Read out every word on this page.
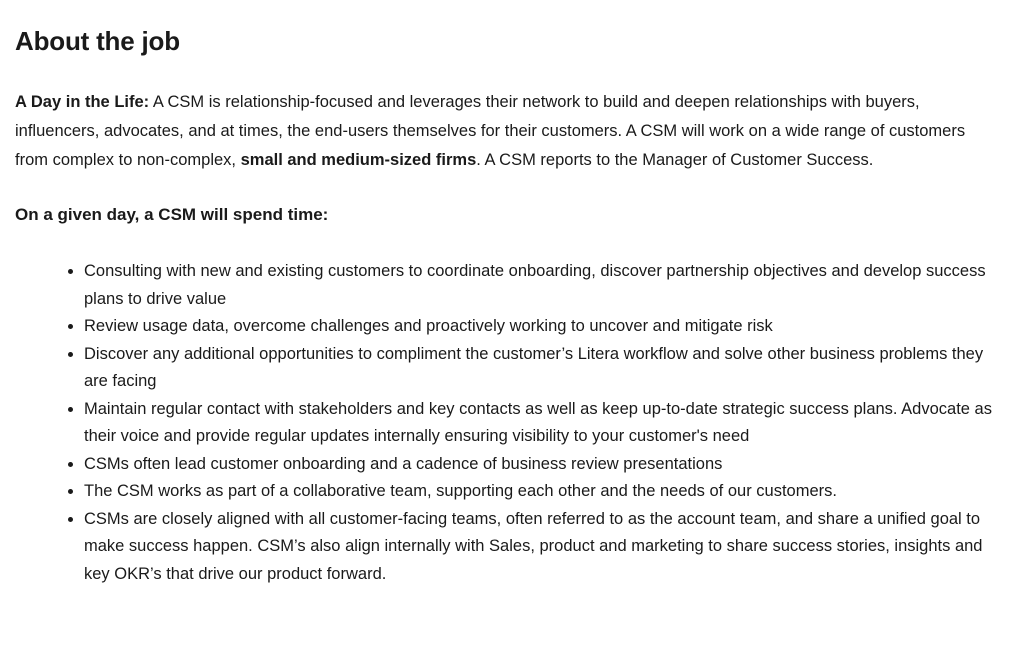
About the job

A Day in the Life: A CSM is relationship-focused and leverages their network to build and deepen relationships with buyers, influencers, advocates, and at times, the end-users themselves for their customers. A CSM will work on a wide range of customers from complex to non-complex, small and medium-sized firms. A CSM reports to the Manager of Customer Success.

On a given day, a CSM will spend time:

• Consulting with new and existing customers to coordinate onboarding, discover partnership objectives and develop success plans to drive value
• Review usage data, overcome challenges and proactively working to uncover and mitigate risk
• Discover any additional opportunities to compliment the customer’s Litera workflow and solve other business problems they are facing
• Maintain regular contact with stakeholders and key contacts as well as keep up-to-date strategic success plans. Advocate as their voice and provide regular updates internally ensuring visibility to your customer's need
• CSMs often lead customer onboarding and a cadence of business review presentations
• The CSM works as part of a collaborative team, supporting each other and the needs of our customers.
• CSMs are closely aligned with all customer-facing teams, often referred to as the account team, and share a unified goal to make success happen. CSM’s also align internally with Sales, product and marketing to share success stories, insights and key OKR’s that drive our product forward.
